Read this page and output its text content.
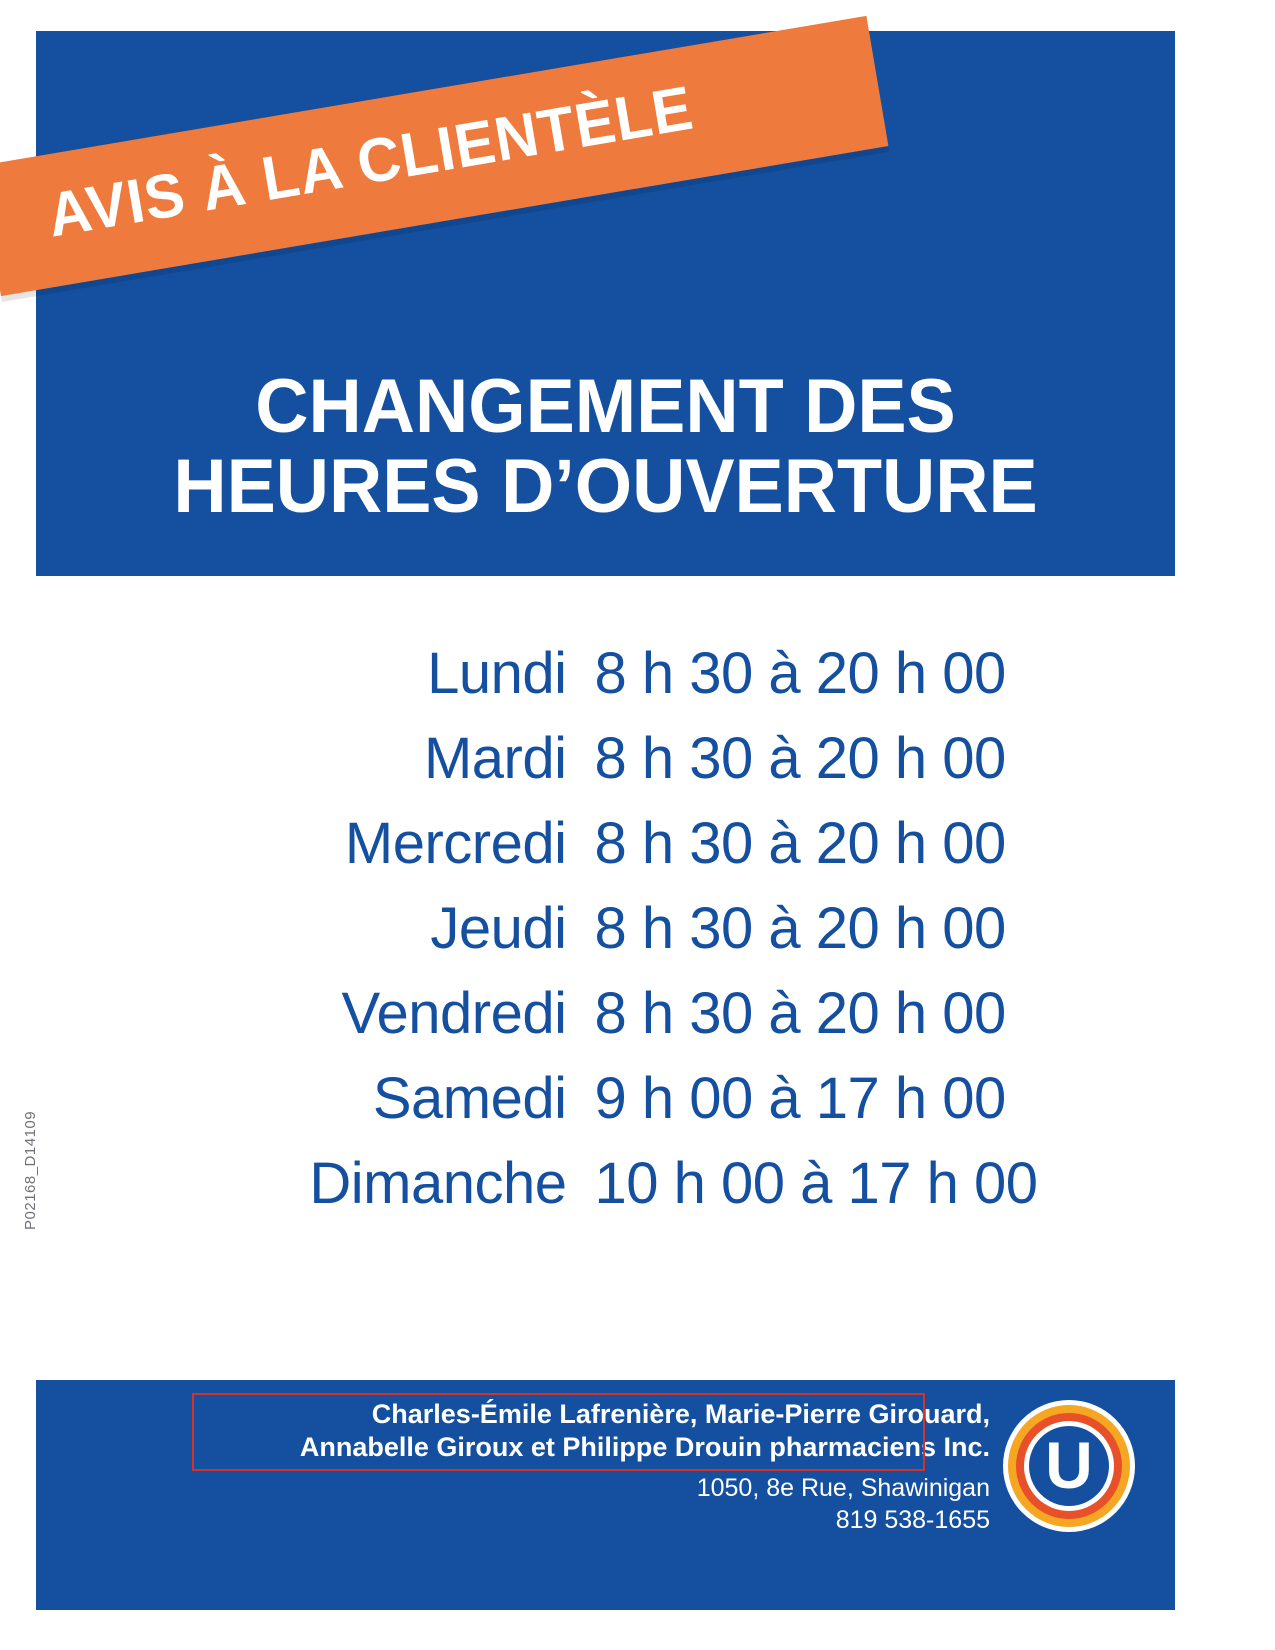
AVIS À LA CLIENTÈLE
CHANGEMENT DES
HEURES D’OUVERTURE
Lundi 8 h 30 à 20 h 00
Mardi 8 h 30 à 20 h 00
Mercredi 8 h 30 à 20 h 00
Jeudi 8 h 30 à 20 h 00
Vendredi 8 h 30 à 20 h 00
Samedi 9 h 00 à 17 h 00
Dimanche 10 h 00 à 17 h 00
P02168_D14109
Charles-Émile Lafrenière, Marie-Pierre Girouard,
Annabelle Giroux et Philippe Drouin pharmaciens Inc.
1050, 8e Rue, Shawinigan
819 538-1655
U
